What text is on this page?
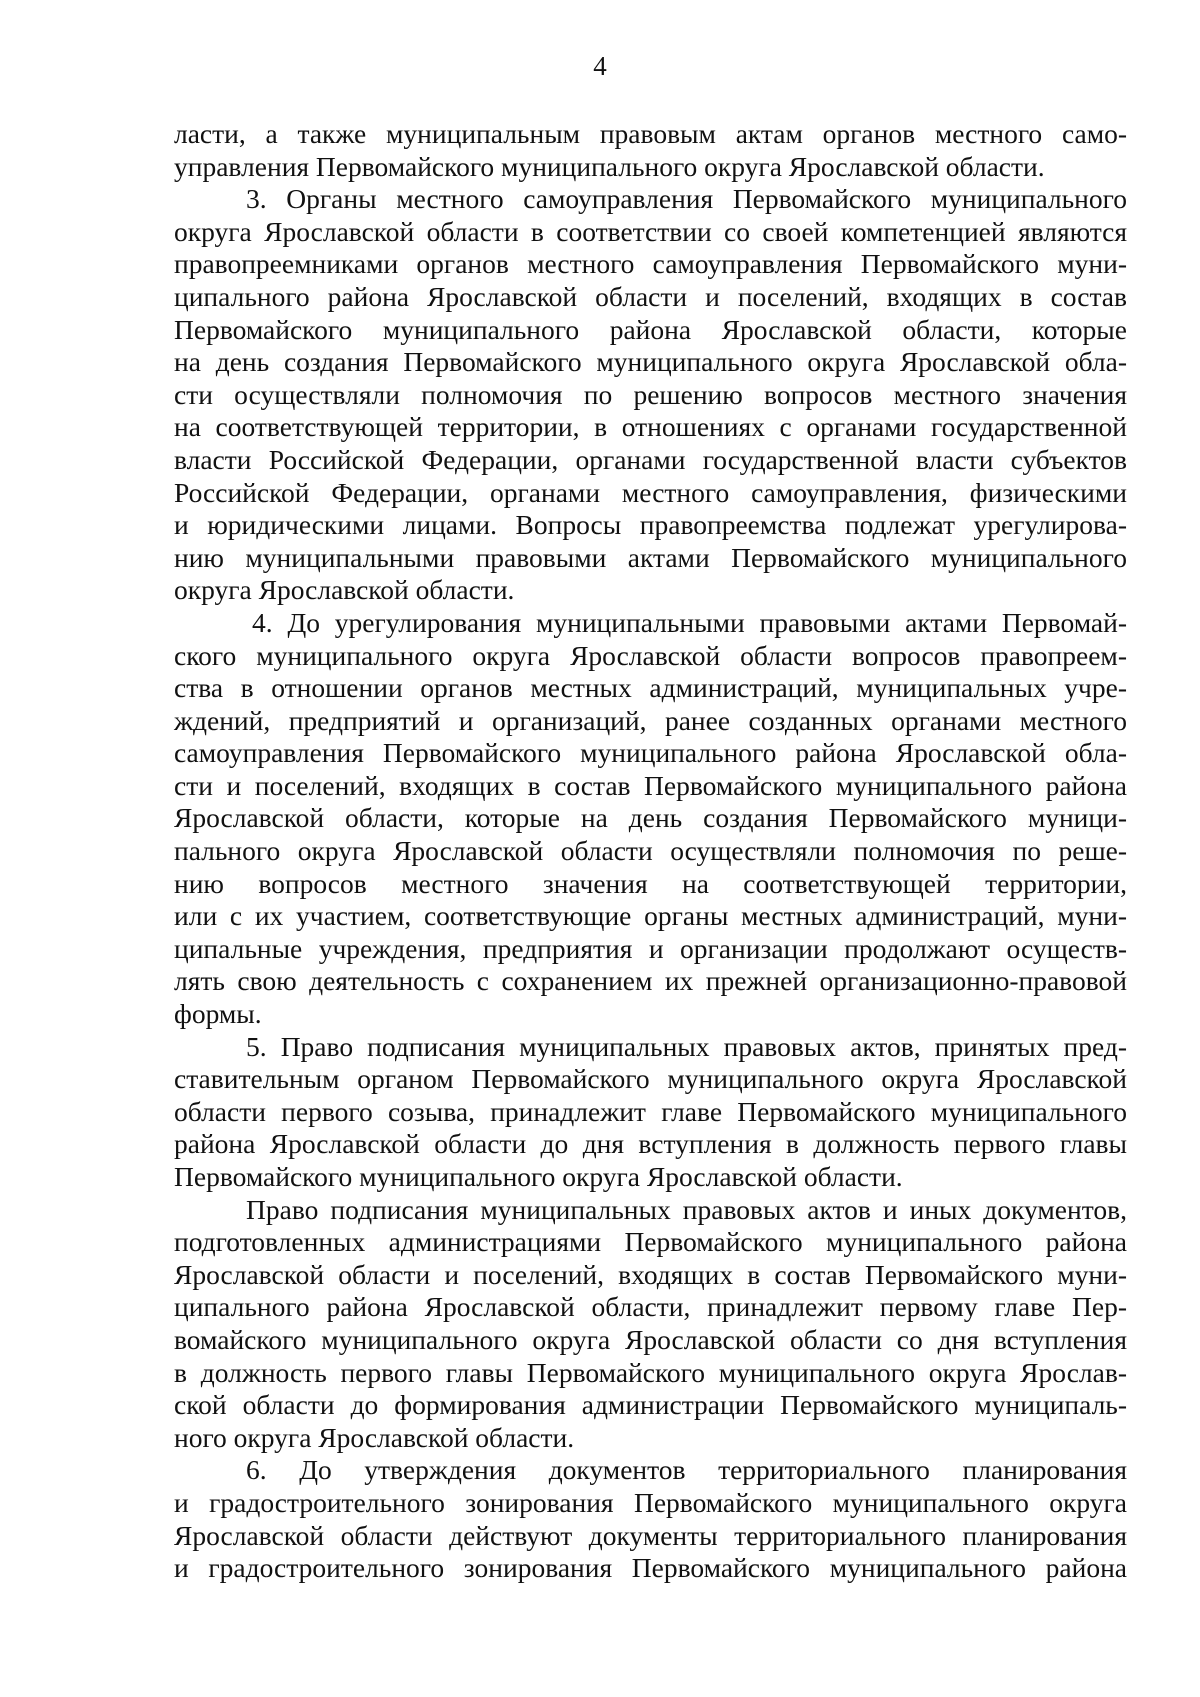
4

ласти, а также муниципальным правовым актам органов местного само-

управления Первомайского муниципального округа Ярославской области.

3. Органы местного самоуправления Первомайского муниципального

округа Ярославской области в соответствии со своей компетенцией являются

правопреемниками органов местного самоуправления Первомайского муни-

ципального района Ярославской области и поселений, входящих в состав

Первомайского муниципального района Ярославской области, которые

на день создания Первомайского муниципального округа Ярославской обла-

сти осуществляли полномочия по решению вопросов местного значения

на соответствующей территории, в отношениях с органами государственной

власти Российской Федерации, органами государственной власти субъектов

Российской Федерации, органами местного самоуправления, физическими

и юридическими лицами. Вопросы правопреемства подлежат урегулирова-

нию муниципальными правовыми актами Первомайского муниципального

округа Ярославской области.

4. До урегулирования муниципальными правовыми актами Первомай-

ского муниципального округа Ярославской области вопросов правопреем-

ства в отношении органов местных администраций, муниципальных учре-

ждений, предприятий и организаций, ранее созданных органами местного

самоуправления Первомайского муниципального района Ярославской обла-

сти и поселений, входящих в состав Первомайского муниципального района

Ярославской области, которые на день создания Первомайского муници-

пального округа Ярославской области осуществляли полномочия по реше-

нию вопросов местного значения на соответствующей территории,

или с их участием, соответствующие органы местных администраций, муни-

ципальные учреждения, предприятия и организации продолжают осуществ-

лять свою деятельность с сохранением их прежней организационно-правовой

формы.

5. Право подписания муниципальных правовых актов, принятых пред-

ставительным органом Первомайского муниципального округа Ярославской

области первого созыва, принадлежит главе Первомайского муниципального

района Ярославской области до дня вступления в должность первого главы

Первомайского муниципального округа Ярославской области.

Право подписания муниципальных правовых актов и иных документов,

подготовленных администрациями Первомайского муниципального района

Ярославской области и поселений, входящих в состав Первомайского муни-

ципального района Ярославской области, принадлежит первому главе Пер-

вомайского муниципального округа Ярославской области со дня вступления

в должность первого главы Первомайского муниципального округа Ярослав-

ской области до формирования администрации Первомайского муниципаль-

ного округа Ярославской области.

6. До утверждения документов территориального планирования

и градостроительного зонирования Первомайского муниципального округа

Ярославской области действуют документы территориального планирования

и градостроительного зонирования Первомайского муниципального района
